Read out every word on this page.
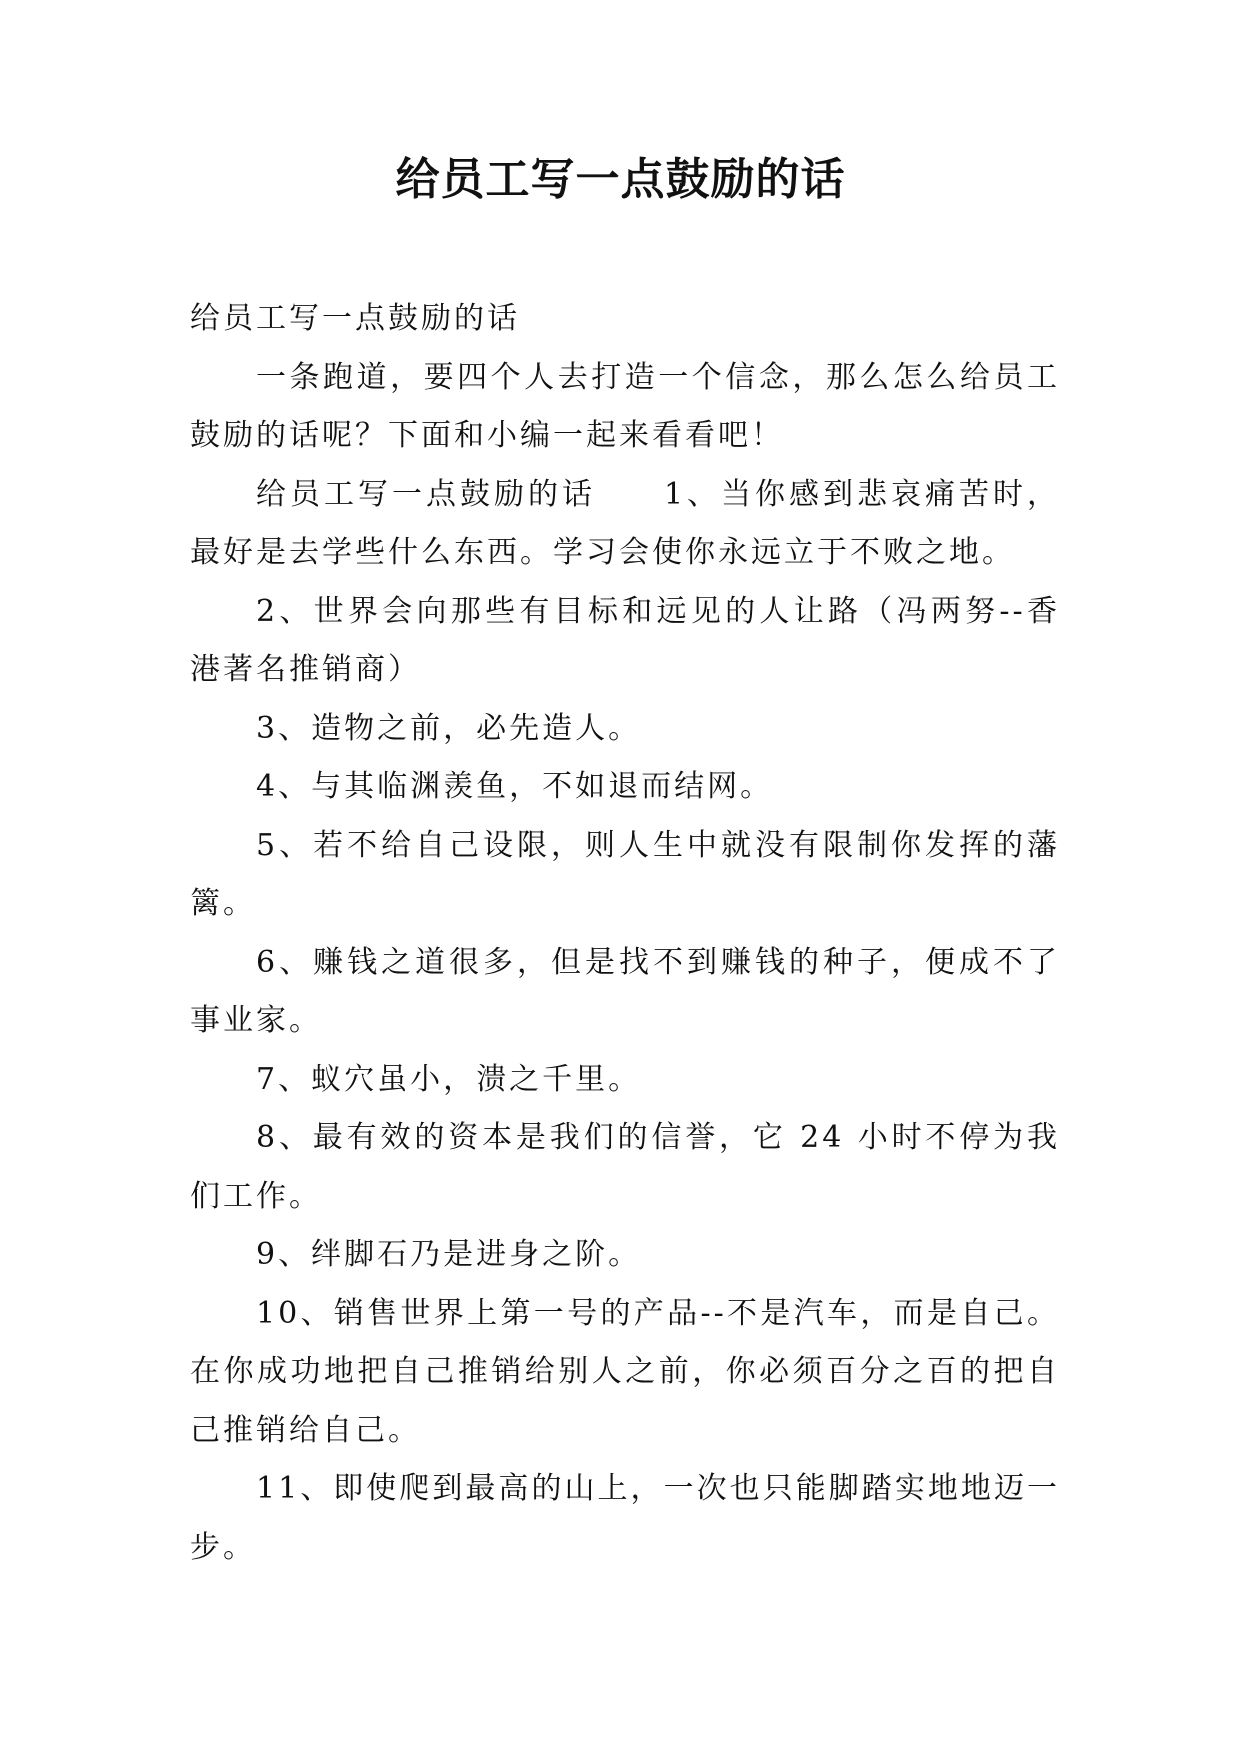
给员工写一点鼓励的话

给员工写一点鼓励的话

一条跑道，要四个人去打造一个信念，那么怎么给员工鼓励的话呢？下面和小编一起来看看吧！

给员工写一点鼓励的话　　1、当你感到悲哀痛苦时，最好是去学些什么东西。学习会使你永远立于不败之地。

2、世界会向那些有目标和远见的人让路（冯两努--香港著名推销商）

3、造物之前，必先造人。

4、与其临渊羡鱼，不如退而结网。

5、若不给自己设限，则人生中就没有限制你发挥的藩篱。

6、赚钱之道很多，但是找不到赚钱的种子，便成不了事业家。

7、蚁穴虽小，溃之千里。

8、最有效的资本是我们的信誉，它 24 小时不停为我们工作。

9、绊脚石乃是进身之阶。

10、销售世界上第一号的产品--不是汽车，而是自己。在你成功地把自己推销给别人之前，你必须百分之百的把自己推销给自己。

11、即使爬到最高的山上，一次也只能脚踏实地地迈一步。
